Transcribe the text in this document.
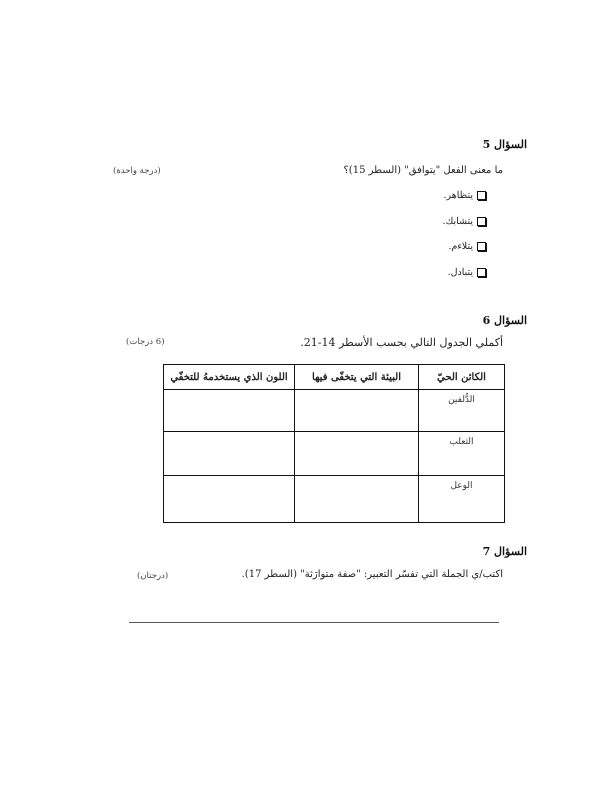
السؤال 5
ما معنى الفعل "يتوافق" (السطر 15)؟
(درجة واحدة)
يتظاهر.
يتشابك.
يتلاءم.
يتبادل.
السؤال 6
أكملي الجدول التالي بحسب الأسطر 14-21.
(6 درجات)
الكائن الحيّ	البيئة التي يتخفّى فيها	اللون الذي يستخدمهُ للتخفّي
الدُّلفين		
الثعلب		
الوعل		
السؤال 7
اكتب/ي الجملة التي تفسّر التعبير: "صفة متوارَثة" (السطر 17).
(درجتان)
